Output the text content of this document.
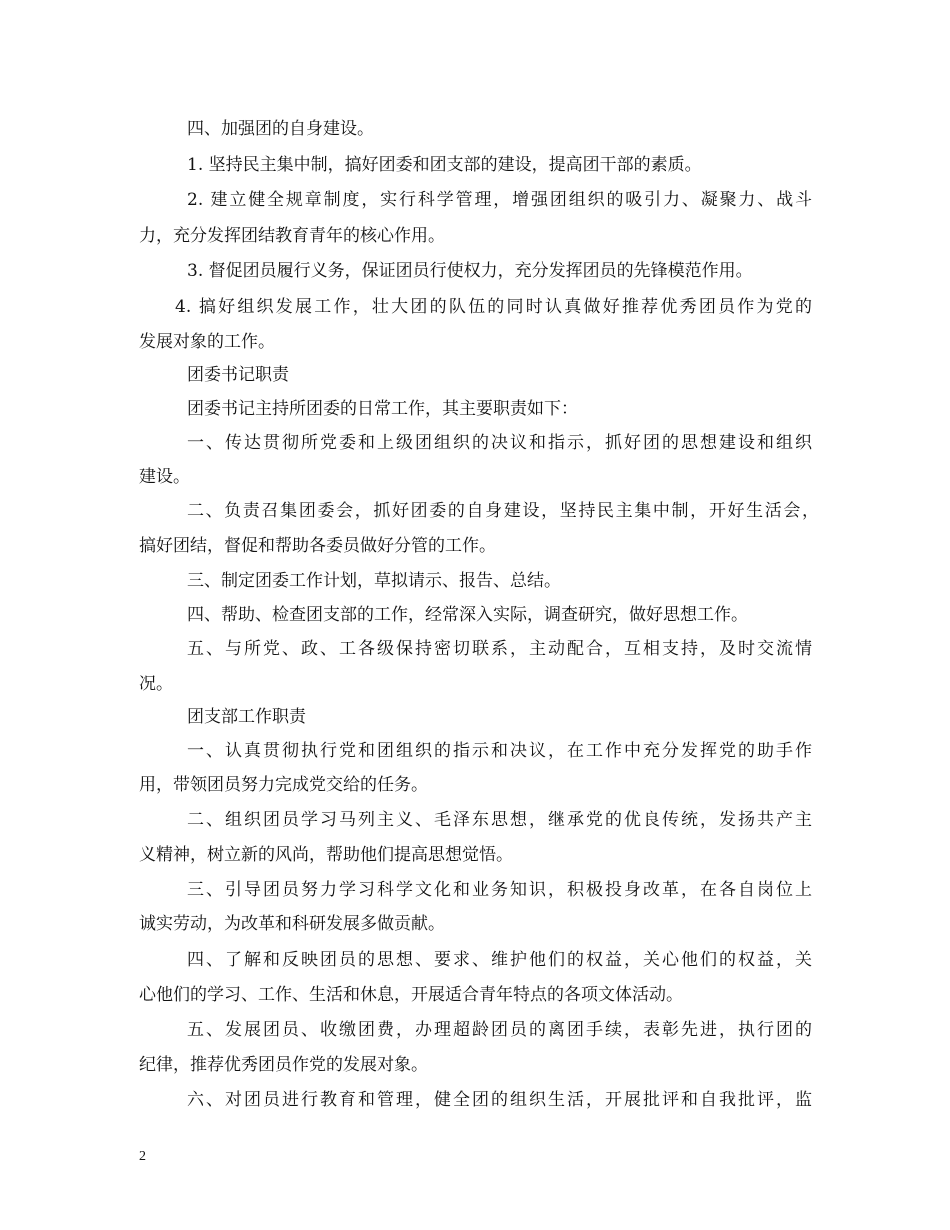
四、加强团的自身建设。
1. 坚持民主集中制，搞好团委和团支部的建设，提高团干部的素质。
2. 建立健全规章制度，实行科学管理，增强团组织的吸引力、凝聚力、战斗
力，充分发挥团结教育青年的核心作用。
3. 督促团员履行义务，保证团员行使权力，充分发挥团员的先锋模范作用。
4. 搞好组织发展工作，壮大团的队伍的同时认真做好推荐优秀团员作为党的
发展对象的工作。
团委书记职责
团委书记主持所团委的日常工作，其主要职责如下：
一、传达贯彻所党委和上级团组织的决议和指示，抓好团的思想建设和组织
建设。
二、负责召集团委会，抓好团委的自身建设，坚持民主集中制，开好生活会，
搞好团结，督促和帮助各委员做好分管的工作。
三、制定团委工作计划，草拟请示、报告、总结。
四、帮助、检查团支部的工作，经常深入实际，调查研究，做好思想工作。
五、与所党、政、工各级保持密切联系，主动配合，互相支持，及时交流情
况。
团支部工作职责
一、认真贯彻执行党和团组织的指示和决议，在工作中充分发挥党的助手作
用，带领团员努力完成党交给的任务。
二、组织团员学习马列主义、毛泽东思想，继承党的优良传统，发扬共产主
义精神，树立新的风尚，帮助他们提高思想觉悟。
三、引导团员努力学习科学文化和业务知识，积极投身改革，在各自岗位上
诚实劳动，为改革和科研发展多做贡献。
四、了解和反映团员的思想、要求、维护他们的权益，关心他们的权益，关
心他们的学习、工作、生活和休息，开展适合青年特点的各项文体活动。
五、发展团员、收缴团费，办理超龄团员的离团手续，表彰先进，执行团的
纪律，推荐优秀团员作党的发展对象。
六、对团员进行教育和管理，健全团的组织生活，开展批评和自我批评，监
2
